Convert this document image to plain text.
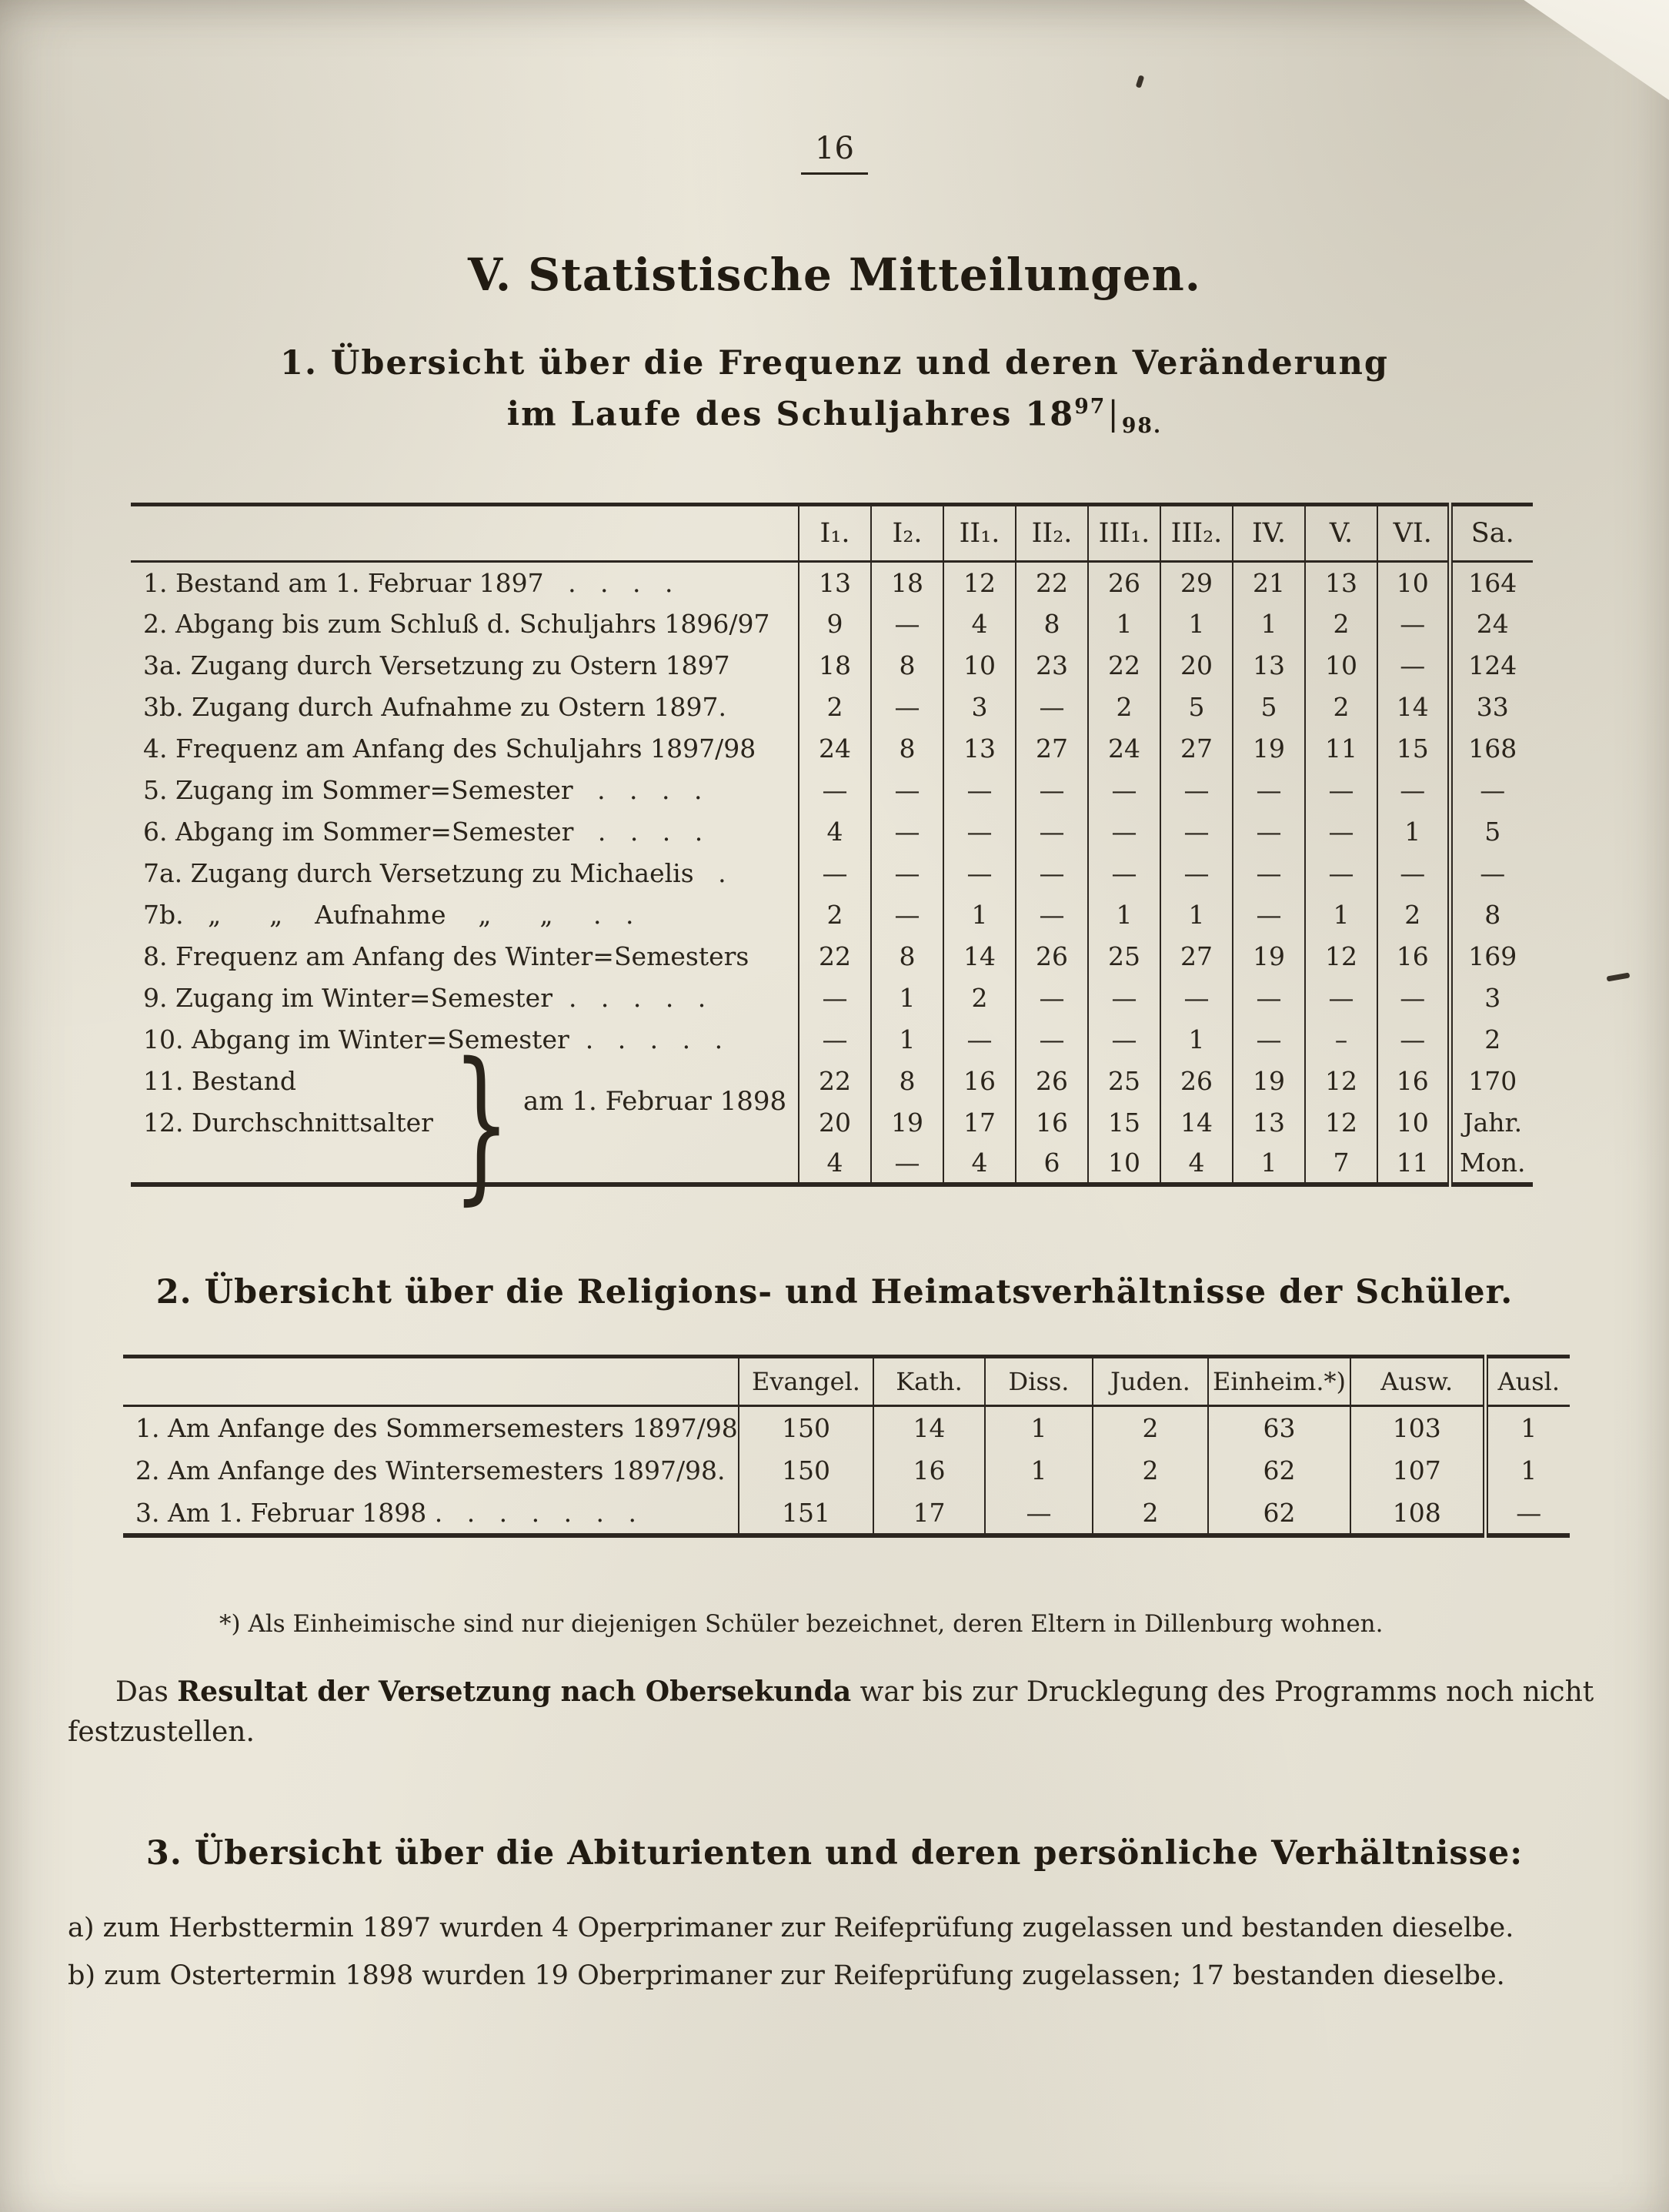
16
V. Statistische Mitteilungen.
1. Übersicht über die Frequenz und deren Veränderung
im Laufe des Schuljahres $18^{97}|_{98.}$
	I₁.	I₂.	II₁.	II₂.	III₁.	III₂.	IV.	V.	VI.	Sa.
1. Bestand am 1. Februar 1897   .   .   .   .	13	18	12	22	26	29	21	13	10	164
2. Abgang bis zum Schluß d. Schuljahrs 1896/97	9	—	4	8	1	1	1	2	—	24
3a. Zugang durch Versetzung zu Ostern 1897	18	8	10	23	22	20	13	10	—	124
3b. Zugang durch Aufnahme zu Ostern 1897.	2	—	3	—	2	5	5	2	14	33
4. Frequenz am Anfang des Schuljahrs 1897/98	24	8	13	27	24	27	19	11	15	168
5. Zugang im Sommer=Semester   .   .   .   .	—	—	—	—	—	—	—	—	—	—
6. Abgang im Sommer=Semester   .   .   .   .	4	—	—	—	—	—	—	—	1	5
7a. Zugang durch Versetzung zu Michaelis   .	—	—	—	—	—	—	—	—	—	—
7b.   „      „    Aufnahme    „      „     .   .	2	—	1	—	1	1	—	1	2	8
8. Frequenz am Anfang des Winter=Semesters	22	8	14	26	25	27	19	12	16	169
9. Zugang im Winter=Semester  .   .   .   .   .	—	1	2	—	—	—	—	—	—	3
10. Abgang im Winter=Semester  .   .   .   .   .	—	1	—	—	—	1	—	–	—	2
11. Bestand	22	8	16	26	25	26	19	12	16	170
12. Durchschnittsalter	20	19	17	16	15	14	13	12	10	Jahr.
	4	—	4	6	10	4	1	7	11	Mon.
} am 1. Februar 1898
2. Übersicht über die Religions- und Heimatsverhältnisse der Schüler.
	Evangel.	Kath.	Diss.	Juden.	Einheim.*)	Ausw.	Ausl.
1. Am Anfange des Sommersemesters 1897/98	150	14	1	2	63	103	1
2. Am Anfange des Wintersemesters 1897/98.	150	16	1	2	62	107	1
3. Am 1. Februar 1898 .   .   .   .   .   .   .	151	17	—	2	62	108	—

*) Als Einheimische sind nur diejenigen Schüler bezeichnet, deren Eltern in Dillenburg wohnen.

Das Resultat der Versetzung nach Obersekunda war bis zur Drucklegung des Programms noch nicht festzustellen.

3. Übersicht über die Abiturienten und deren persönliche Verhältnisse:

a) zum Herbsttermin 1897 wurden 4 Operprimaner zur Reifeprüfung zugelassen und bestanden dieselbe.

b) zum Ostertermin 1898 wurden 19 Oberprimaner zur Reifeprüfung zugelassen; 17 bestanden dieselbe.
